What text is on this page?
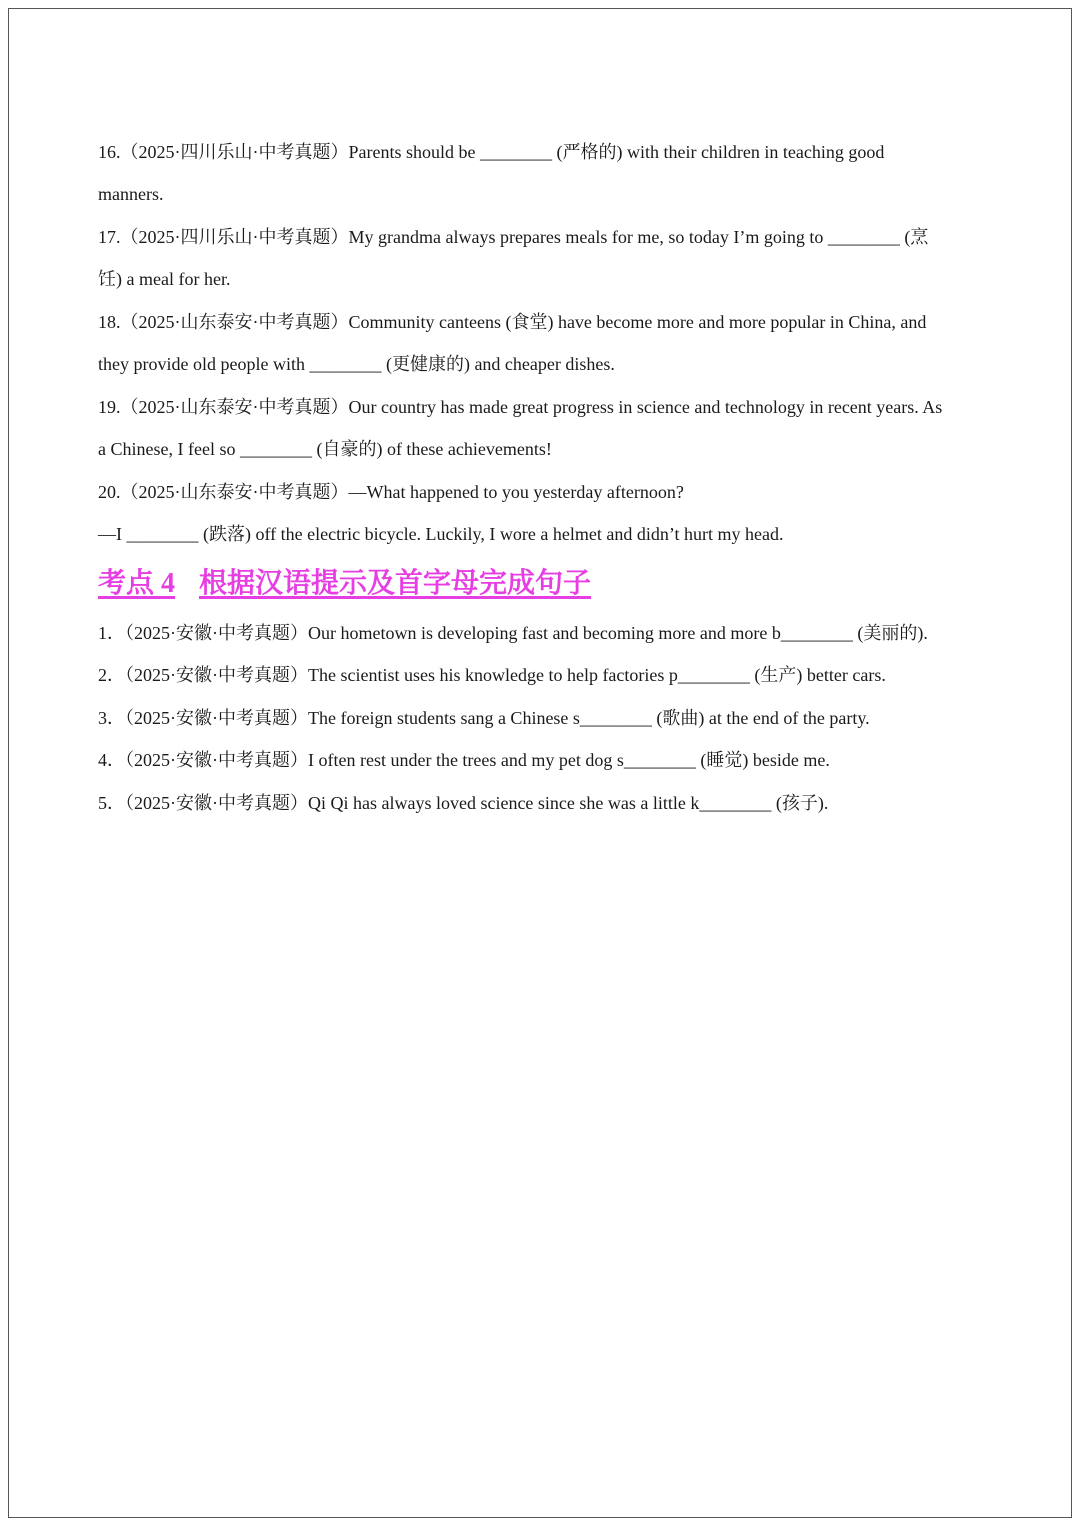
16.（2025·四川乐山·中考真题）Parents should be ________ (严格的) with their children in teaching good
manners.
17.（2025·四川乐山·中考真题）My grandma always prepares meals for me, so today I’m going to ________ (烹
饪) a meal for her.
18.（2025·山东泰安·中考真题）Community canteens (食堂) have become more and more popular in China, and
they provide old people with ________ (更健康的) and cheaper dishes.
19.（2025·山东泰安·中考真题）Our country has made great progress in science and technology in recent years. As
a Chinese, I feel so ________ (自豪的) of these achievements!
20.（2025·山东泰安·中考真题）—What happened to you yesterday afternoon?
—I ________ (跌落) off the electric bicycle. Luckily, I wore a helmet and didn’t hurt my head.
考点 4 根据汉语提示及首字母完成句子
1．（2025·安徽·中考真题）Our hometown is developing fast and becoming more and more b________ (美丽的).
2．（2025·安徽·中考真题）The scientist uses his knowledge to help factories p________ (生产) better cars.
3．（2025·安徽·中考真题）The foreign students sang a Chinese s________ (歌曲) at the end of the party.
4．（2025·安徽·中考真题）I often rest under the trees and my pet dog s________ (睡觉) beside me.
5．（2025·安徽·中考真题）Qi Qi has always loved science since she was a little k________ (孩子).
